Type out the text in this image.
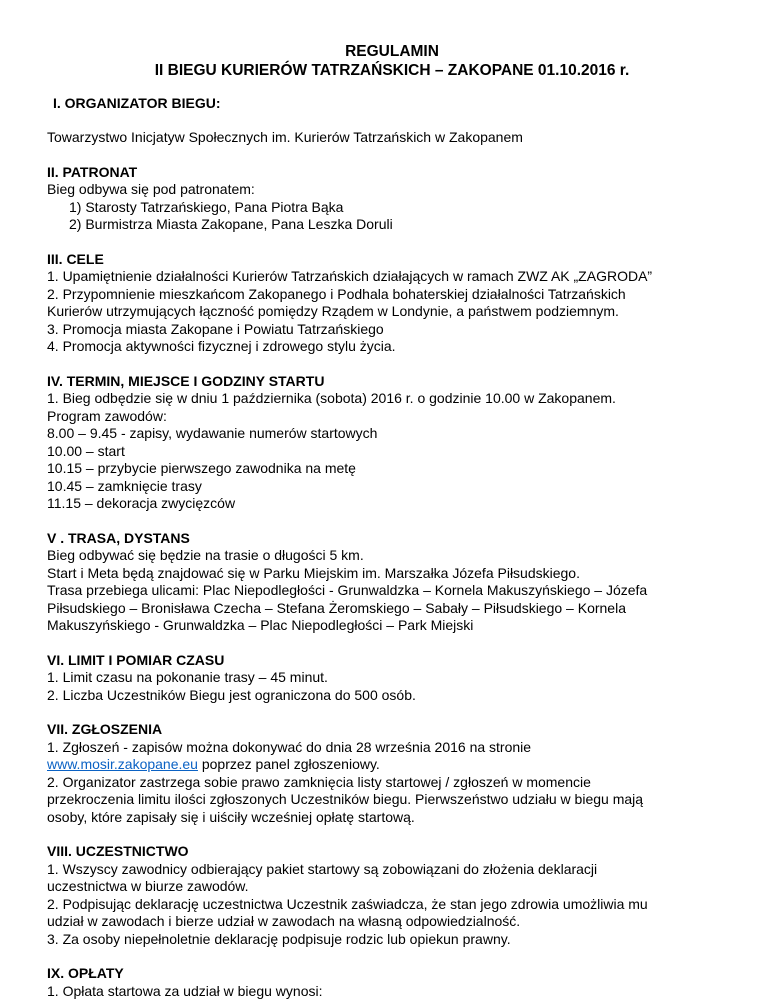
REGULAMIN
II BIEGU KURIERÓW TATRZAŃSKICH – ZAKOPANE 01.10.2016 r.
I. ORGANIZATOR BIEGU:
Towarzystwo Inicjatyw Społecznych im. Kurierów Tatrzańskich w Zakopanem
II. PATRONAT
Bieg odbywa się pod patronatem:
1) Starosty Tatrzańskiego, Pana Piotra Bąka
2) Burmistrza Miasta Zakopane, Pana Leszka Doruli
III. CELE
1. Upamiętnienie działalności Kurierów Tatrzańskich działających w ramach ZWZ AK „ZAGRODA”
2. Przypomnienie mieszkańcom Zakopanego i Podhala bohaterskiej działalności Tatrzańskich
Kurierów utrzymujących łączność pomiędzy Rządem w Londynie, a państwem podziemnym.
3. Promocja miasta Zakopane i Powiatu Tatrzańskiego
4. Promocja aktywności fizycznej i zdrowego stylu życia.
IV. TERMIN, MIEJSCE I GODZINY STARTU
1. Bieg odbędzie się w dniu 1 października (sobota) 2016 r. o godzinie 10.00 w Zakopanem.
Program zawodów:
8.00 – 9.45 - zapisy, wydawanie numerów startowych
10.00 – start
10.15 – przybycie pierwszego zawodnika na metę
10.45 – zamknięcie trasy
11.15 – dekoracja zwycięzców
V . TRASA, DYSTANS
Bieg odbywać się będzie na trasie o długości 5 km.
Start i Meta będą znajdować się w Parku Miejskim im. Marszałka Józefa Piłsudskiego.
Trasa przebiega ulicami: Plac Niepodległości - Grunwaldzka – Kornela Makuszyńskiego – Józefa
Piłsudskiego – Bronisława Czecha – Stefana Żeromskiego – Sabały – Piłsudskiego – Kornela
Makuszyńskiego - Grunwaldzka – Plac Niepodległości – Park Miejski
VI. LIMIT I POMIAR CZASU
1. Limit czasu na pokonanie trasy – 45 minut.
2. Liczba Uczestników Biegu jest ograniczona do 500 osób.
VII. ZGŁOSZENIA
1. Zgłoszeń - zapisów można dokonywać do dnia 28 września 2016 na stronie
www.mosir.zakopane.eu poprzez panel zgłoszeniowy.
2. Organizator zastrzega sobie prawo zamknięcia listy startowej / zgłoszeń w momencie
przekroczenia limitu ilości zgłoszonych Uczestników biegu. Pierwszeństwo udziału w biegu mają
osoby, które zapisały się i uiściły wcześniej opłatę startową.
VIII. UCZESTNICTWO
1. Wszyscy zawodnicy odbierający pakiet startowy są zobowiązani do złożenia deklaracji
uczestnictwa w biurze zawodów.
2. Podpisując deklarację uczestnictwa Uczestnik zaświadcza, że stan jego zdrowia umożliwia mu
udział w zawodach i bierze udział w zawodach na własną odpowiedzialność.
3. Za osoby niepełnoletnie deklarację podpisuje rodzic lub opiekun prawny.
IX. OPŁATY
1. Opłata startowa za udział w biegu wynosi:
